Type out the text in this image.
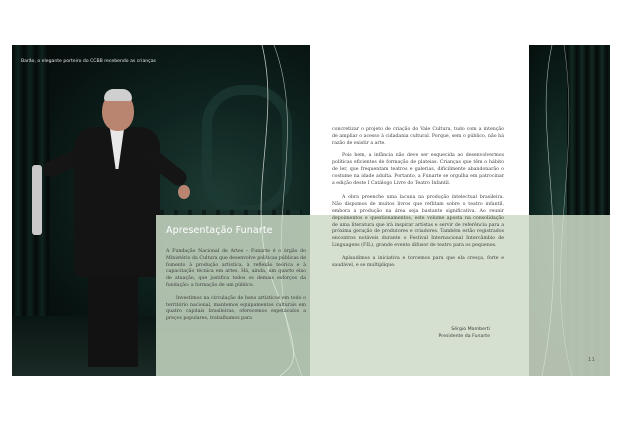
Barão, o elegante porteiro do CCBB recebendo as crianças
Apresentação Funarte

A Fundação Nacional de Artes – Funarte é o órgão do Ministério da Cultura que desenvolve políticas públicas de fomento à produção artística, à reflexão teórica e à capacitação técnica em artes. Há, ainda, um quarto eixo de atuação, que justifica todos os demais esforços da fundação: a formação de um público.

Investimos na circulação de bens artísticos em todo o território nacional, mantemos equipamentos culturais em quatro capitais brasileiras, oferecemos espetáculos a preços populares, trabalhamos para

concretizar o projeto de criação do Vale Cultura, tudo com a intenção de ampliar o acesso à cidadania cultural. Porque, sem o público, não há razão de existir a arte.

Pois bem, a infância não deve ser esquecida ao desenvolvermos políticas eficientes de formação de plateias. Crianças que têm o hábito de ler, que frequentam teatros e galerias, dificilmente abandonarão o costume na idade adulta. Portanto, a Funarte se orgulha em patrocinar a edição deste I Catálogo Livre do Teatro Infantil.

A obra preenche uma lacuna na produção intelectual brasileira. Não dispomos de muitos livros que reflitam sobre o teatro infantil, embora a produção na área seja bastante significativa. Ao reunir depoimentos e questionamentos, este volume aposta na consolidação de uma literatura que irá inspirar artistas e servir de referência para a próxima geração de produtores e criadores. Também estão registrados encontros notáveis durante o Festival Internacional Intercâmbio de Linguagens (FIL), grande evento difusor de teatro para os pequenos.

Aplaudimos a iniciativa e torcemos para que ela cresça, forte e saudável, e se multiplique.

Sérgio Mamberti
Presidente da Funarte
11
